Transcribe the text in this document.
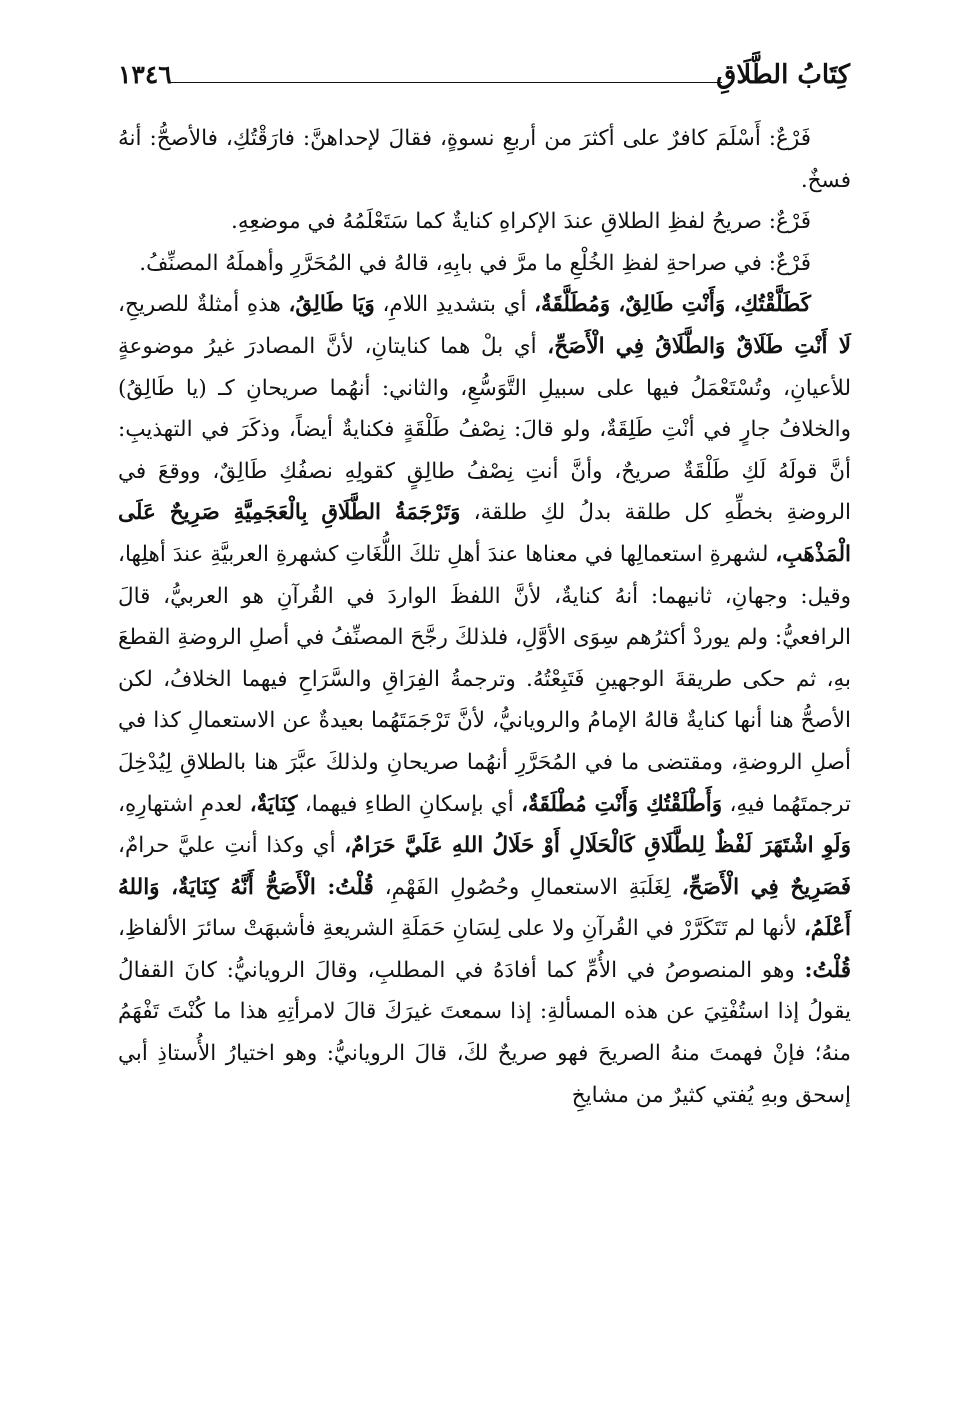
كِتَابُ الطَّلَاقِ
١٣٤٦

فَرْعٌ: أَسْلَمَ كافرٌ على أكثرَ من أربعِ نسوةٍ، فقالَ لإحداهنَّ: فارَقْتُكِ، فالأصحُّ: أنهُ فسخٌ.

فَرْعٌ: صريحُ لفظِ الطلاقِ عندَ الإكراهِ كنايةٌ كما سَتَعْلَمُهُ في موضعِهِ.

فَرْعٌ: في صراحةِ لفظِ الخُلْعِ ما مرَّ في بابِهِ، قالهُ في المُحَرَّرِ وأهملَهُ المصنِّفُ.

كَطَلَّقْتُكِ، وَأَنْتِ طَالِقٌ، وَمُطَلَّقَةٌ، أي بتشديدِ اللامِ، وَيَا طَالِقُ، هذهِ أمثلةٌ للصريحِ، لَا أَنْتِ طَلَاقٌ وَالطَّلَاقُ فِي الْأَصَحِّ، أي بلْ هما كنايتانِ، لأنَّ المصادرَ غيرُ موضوعةٍ للأعيانِ، وتُسْتَعْمَلُ فيها على سبيلِ التَّوَسُّعِ، والثاني: أنهُما صريحانِ كـ (يا طَالِقُ) والخلافُ جارٍ في أنْتِ طَلِقَةٌ، ولو قالَ: نِصْفُ طَلْقَةٍ فكنايةٌ أيضاً، وذكَرَ في التهذيبِ: أنَّ قولَهُ لَكِ طَلْقَةٌ صريحٌ، وأنَّ أنتِ نِصْفُ طالِقٍ كقولِهِ نصفُكِ طَالِقٌ، ووقعَ في الروضةِ بخطِّهِ كل طلقة بدلُ لكِ طلقة، وَتَرْجَمَةُ الطَّلَاقِ بِالْعَجَمِيَّةِ صَرِيحٌ عَلَى الْمَذْهَبِ، لشهرةِ استعمالِها في معناها عندَ أهلِ تلكَ اللُّغَاتِ كشهرةِ العربيَّةِ عندَ أهلِها، وقيل: وجهانِ، ثانيهما: أنهُ كنايةٌ، لأنَّ اللفظَ الواردَ في القُرآنِ هو العربيُّ، قالَ الرافعيُّ: ولم يوردْ أكثرُهم سِوَى الأوَّلِ، فلذلكَ رجَّحَ المصنِّفُ في أصلِ الروضةِ القطعَ بهِ، ثم حكى طريقةَ الوجهينِ فَتَبِعْتُهُ. وترجمةُ الفِرَاقِ والسَّرَاحِ فيهما الخلافُ، لكن الأصحُّ هنا أنها كنايةٌ قالهُ الإمامُ والرويانيُّ، لأنَّ تَرْجَمَتَهُما بعيدةٌ عن الاستعمالِ كذا في أصلِ الروضةِ، ومقتضى ما في المُحَرَّرِ أنهُما صريحانِ ولذلكَ عبَّرَ هنا بالطلاقِ لِيُدْخِلَ ترجمتَهُما فيهِ، وَأَطْلَقْتُكِ وَأَنْتِ مُطْلَقَةٌ، أي بإسكانِ الطاءِ فيهما، كِنَايَةٌ، لعدمِ اشتهارِهِ، وَلَوِ اشْتَهَرَ لَفْظٌ لِلطَّلَاقِ كَالْحَلَالِ أَوْ حَلَالُ اللهِ عَلَيَّ حَرَامٌ، أي وكذا أنتِ عليَّ حرامٌ، فَصَرِيحٌ فِي الْأَصَحِّ، لِغَلَبَةِ الاستعمالِ وحُصُولِ الفَهْمِ، قُلْتُ: الْأَصَحُّ أَنَّهُ كِنَايَةٌ، وَاللهُ أَعْلَمُ، لأنها لم تَتَكَرَّرْ في القُرآنِ ولا على لِسَانِ حَمَلَةِ الشريعةِ فأشبهَتْ سائرَ الألفاظِ، قُلْتُ: وهو المنصوصُ في الأُمِّ كما أفادَهُ في المطلبِ، وقالَ الرويانيُّ: كانَ القفالُ يقولُ إذا استُفْتِيَ عن هذه المسألةِ: إذا سمعتَ غيرَكَ قالَ لامرأتِهِ هذا ما كُنْتَ تَفْهَمُ منهُ؛ فإنْ فهمتَ منهُ الصريحَ فهو صريحٌ لكَ، قالَ الرويانيُّ: وهو اختيارُ الأُستاذِ أبي إسحق وبهِ يُفتي كثيرٌ من مشايخِ
